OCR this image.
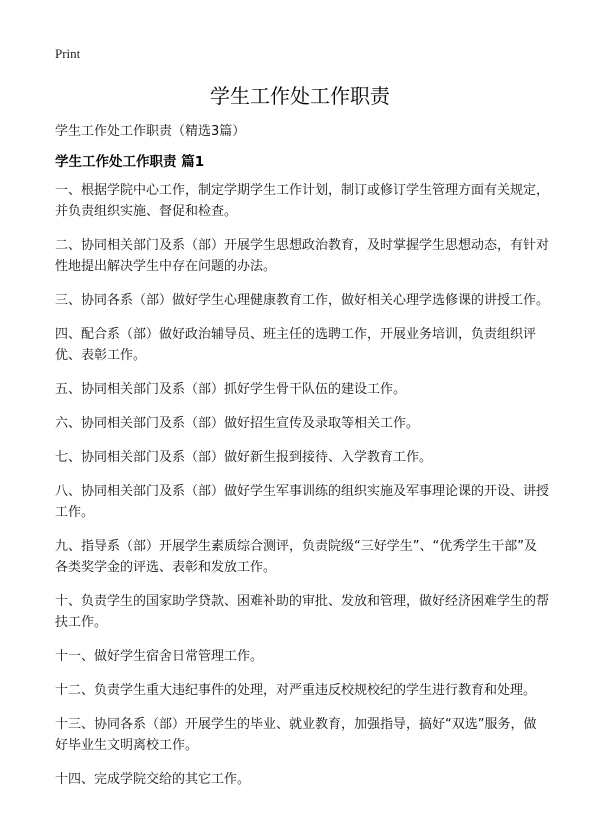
Print
学生工作处工作职责
学生工作处工作职责（精选3篇）
学生工作处工作职责 篇1
一、根据学院中心工作，制定学期学生工作计划，制订或修订学生管理方面有关规定，并负责组织实施、督促和检查。
二、协同相关部门及系（部）开展学生思想政治教育，及时掌握学生思想动态，有针对性地提出解决学生中存在问题的办法。
三、协同各系（部）做好学生心理健康教育工作，做好相关心理学选修课的讲授工作。
四、配合系（部）做好政治辅导员、班主任的选聘工作，开展业务培训，负责组织评优、表彰工作。
五、协同相关部门及系（部）抓好学生骨干队伍的建设工作。
六、协同相关部门及系（部）做好招生宣传及录取等相关工作。
七、协同相关部门及系（部）做好新生报到接待、入学教育工作。
八、协同相关部门及系（部）做好学生军事训练的组织实施及军事理论课的开设、讲授工作。
九、指导系（部）开展学生素质综合测评，负责院级“三好学生”、“优秀学生干部”及各类奖学金的评选、表彰和发放工作。
十、负责学生的国家助学贷款、困难补助的审批、发放和管理，做好经济困难学生的帮扶工作。
十一、做好学生宿舍日常管理工作。
十二、负责学生重大违纪事件的处理，对严重违反校规校纪的学生进行教育和处理。
十三、协同各系（部）开展学生的毕业、就业教育，加强指导，搞好“双选”服务，做好毕业生文明离校工作。
十四、完成学院交给的其它工作。
